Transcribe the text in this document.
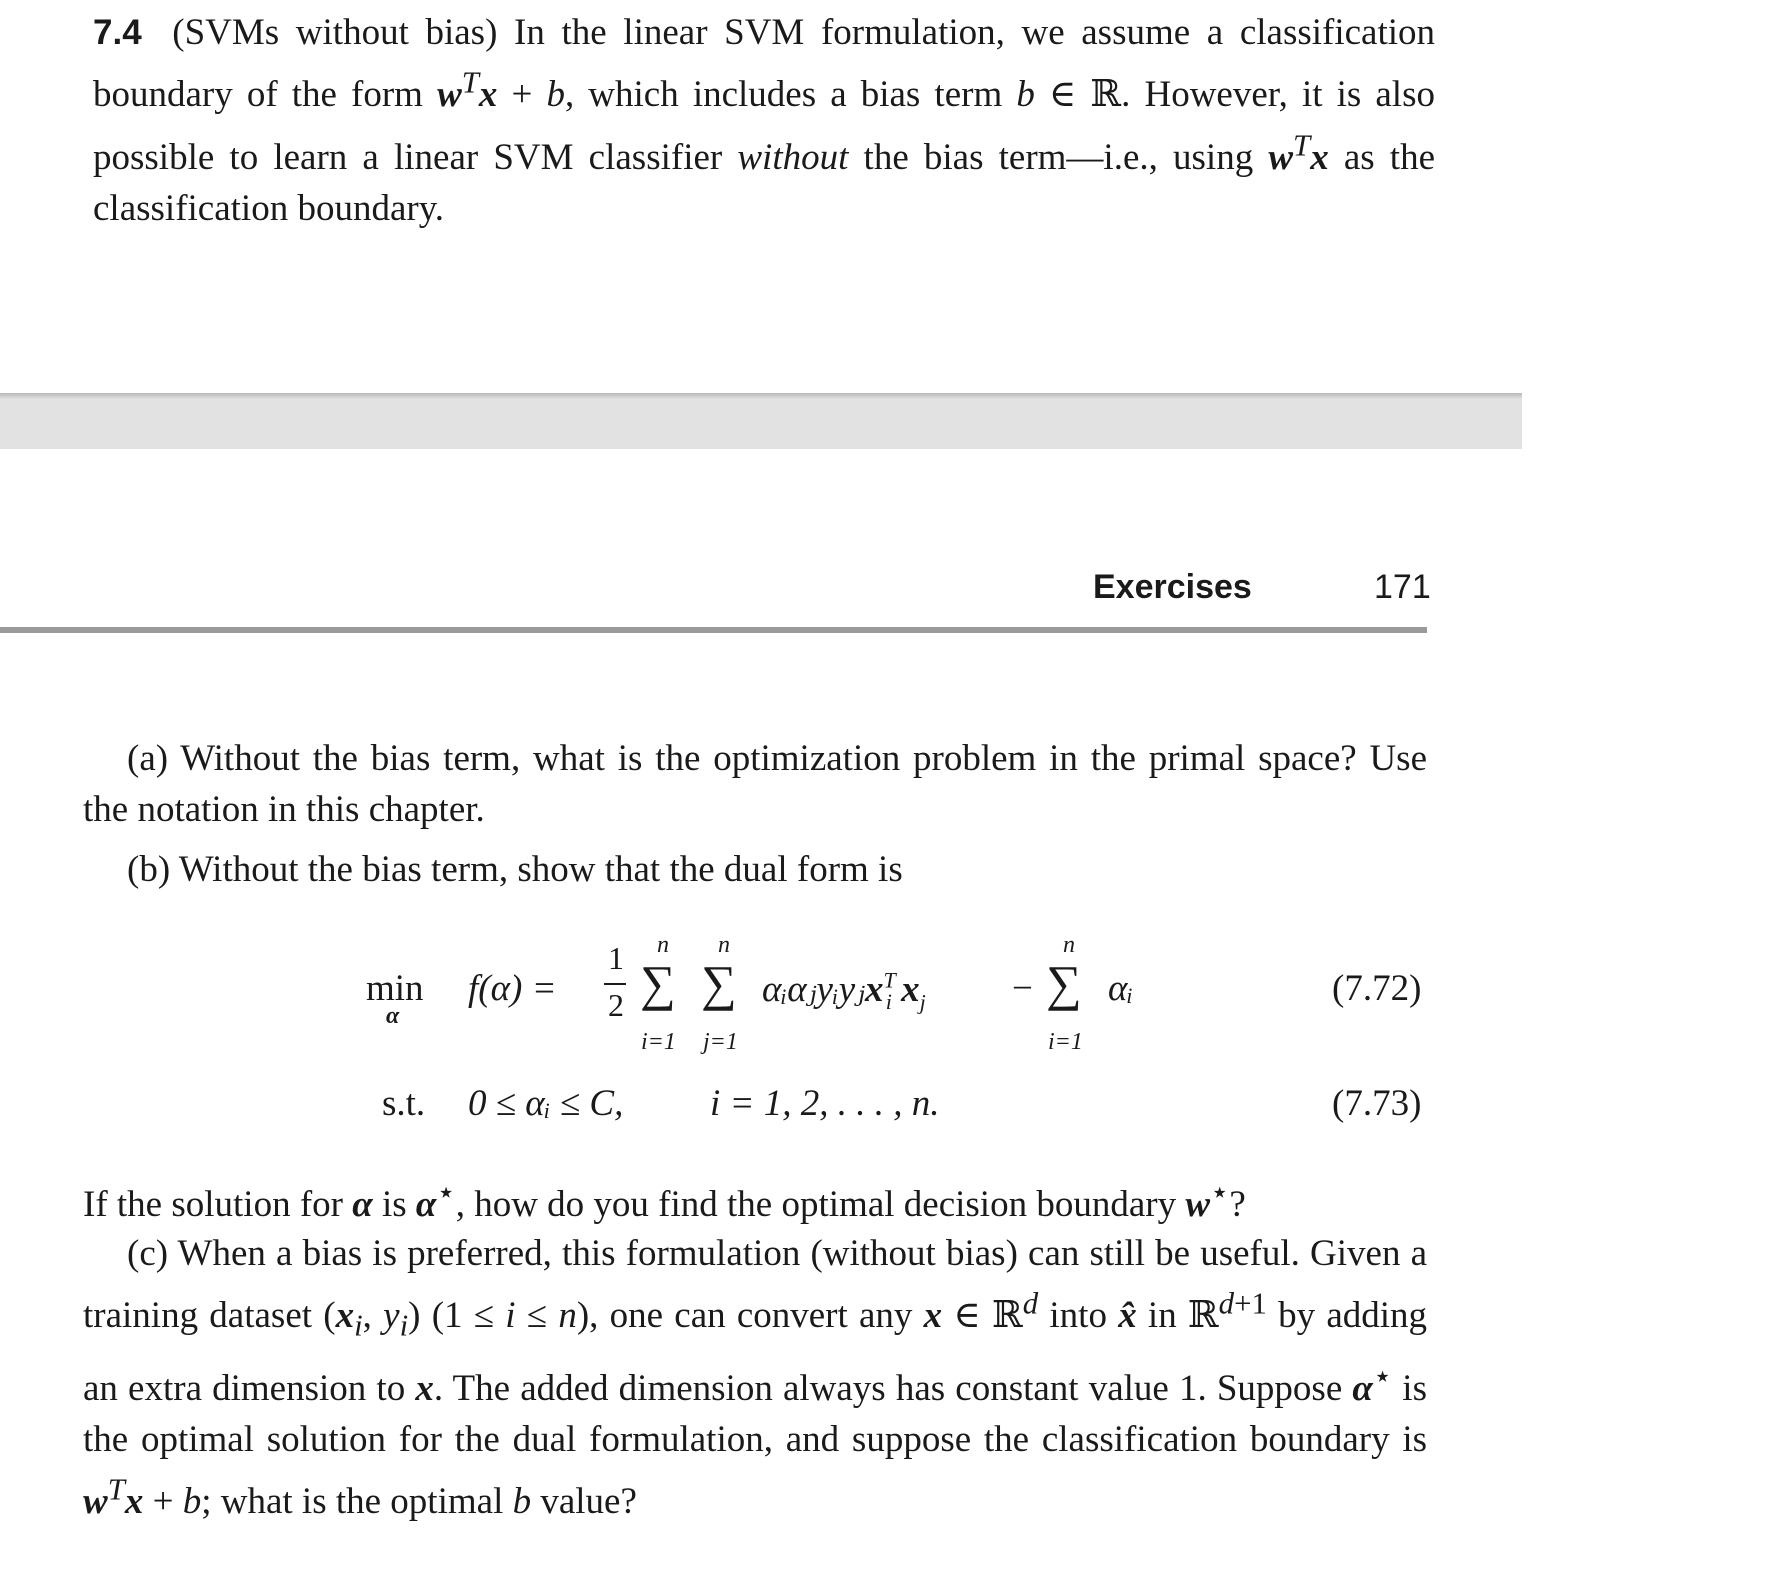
7.4 (SVMs without bias) In the linear SVM formulation, we assume a classification boundary of the form $w^Tx + b$, which includes a bias term b ∈ ℝ. However, it is also possible to learn a linear SVM classifier without the bias term—i.e., using $w^Tx$ as the classification boundary.

Exercises	171

(a) Without the bias term, what is the optimization problem in the primal space? Use the notation in this chapter.

(b) Without the bias term, show that the dual form is

min
α
f(α) =
1
2
n n
∑ ∑
i=1 j=1
αᵢαⱼyᵢyⱼx$^T_i$ $x_j$ −
n
∑
i=1
αᵢ	(7.72)
s.t. 0 ≤ αᵢ ≤ C, i = 1, 2, . . . , n.	(7.73)

If the solution for α is α⋆, how do you find the optimal decision boundary w⋆?

(c) When a bias is preferred, this formulation (without bias) can still be useful. Given a training dataset ($x_i$, $y_i$) (1 ≤ i ≤ n), one can convert any x ∈ ℝ$^d$ into x̂ in ℝ$^{d+1}$ by adding an extra dimension to x. The added dimension always has constant value 1. Suppose α⋆ is the optimal solution for the dual formulation, and suppose the classification boundary is $w^Tx + b$; what is the optimal b value?
